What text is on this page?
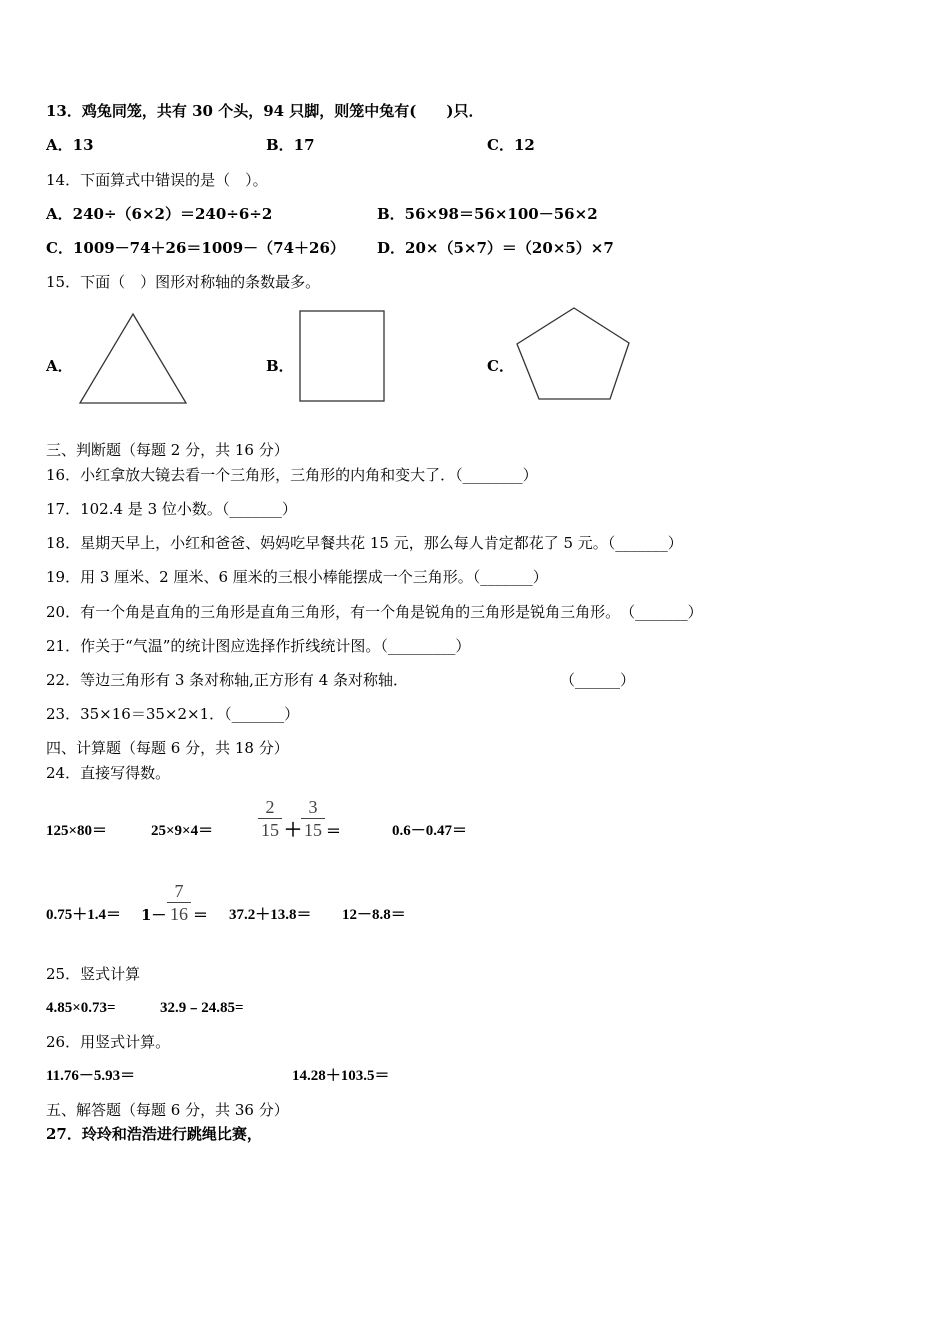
13．鸡兔同笼，共有 30 个头，94 只脚，则笼中兔有(　　)只．
A．13	B．17	C．12
14．下面算式中错误的是（　）。
A．240÷（6×2）＝240÷6÷2	B．56×98＝56×100－56×2
C．1009－74＋26＝1009－（74＋26） D．20×（5×7）＝（20×5）×7
15．下面（　）图形对称轴的条数最多。
A．	B．	C．
三、判断题（每题 2 分，共 16 分）
16．小红拿放大镜去看一个三角形，三角形的内角和变大了．（________）
17．102.4 是 3 位小数。（_______）
18．星期天早上，小红和爸爸、妈妈吃早餐共花 15 元，那么每人肯定都花了 5 元。（_______）
19．用 3 厘米、2 厘米、6 厘米的三根小棒能摆成一个三角形。（_______）
20．有一个角是直角的三角形是直角三角形，有一个角是锐角的三角形是锐角三角形。　（_______）
21．作关于“气温”的统计图应选择作折线统计图。（_________）
22．等边三角形有 3 条对称轴,正方形有 4 条对称轴．	（______）
23．35×16＝35×2×1．（_______）
四、计算题（每题 6 分，共 18 分）
24．直接写得数。
125×80＝	25×9×4＝
2
15 ＋
3
15 ＝	0.6－0.47＝
0.75＋1.4＝ 1－
7
16 ＝ 37.2＋13.8＝ 12－8.8＝
25．竖式计算
4.85×0.73=	32.9﹣24.85=
26．用竖式计算。
11.76－5.93＝	14.28＋103.5＝
五、解答题（每题 6 分，共 36 分）
27．玲玲和浩浩进行跳绳比赛，
